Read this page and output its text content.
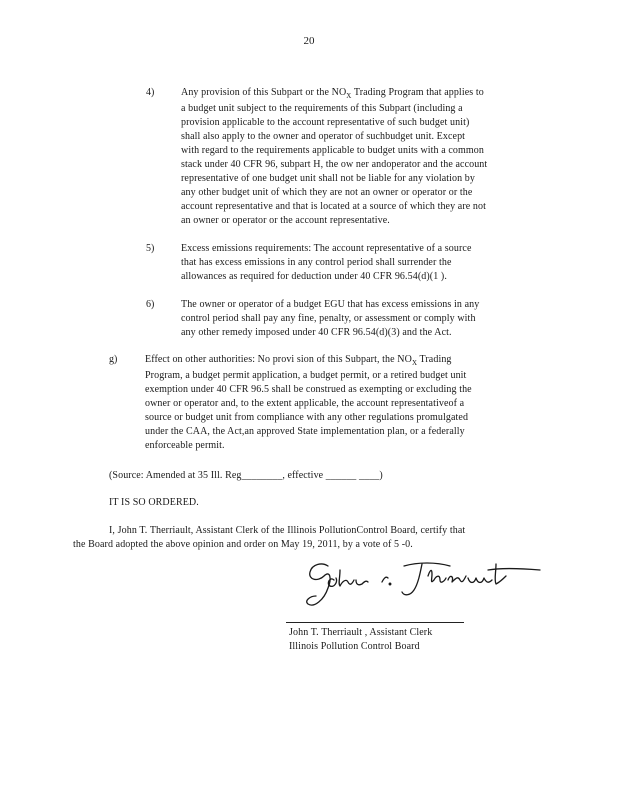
20
4)	Any provision of this Subpart or the $NO_X$ Trading Program that applies to
a budget unit subject to the requirements of this Subpart (including a
provision applicable to the account representative of such budget unit)
shall also apply to the owner and operator of suchbudget unit. Except
with regard to the requirements applicable to budget units with a common
stack under 40 CFR 96, subpart H, the ow ner andoperator and the account
representative of one budget unit shall not be liable for any violation by
any other budget unit of which they are not an owner or operator or the
account representative and that is located at a source of which they are not
an owner or operator or the account representative.
5)	Excess emissions requirements: The account representative of a source
that has excess emissions in any control period shall surrender the
allowances as required for deduction under 40 CFR 96.54(d)(1 ).
6)	The owner or operator of a budget EGU that has excess emissions in any
control period shall pay any fine, penalty, or assessment or comply with
any other remedy imposed under 40 CFR 96.54(d)(3) and the Act.
g)	Effect on other authorities: No provi sion of this Subpart, the $NO_X$ Trading
Program, a budget permit application, a budget permit, or a retired budget unit
exemption under 40 CFR 96.5 shall be construed as exempting or excluding the
owner or operator and, to the extent applicable, the account representativeof a
source or budget unit from compliance with any other regulations promulgated
under the CAA, the Act,an approved State implementation plan, or a federally
enforceable permit.
(Source: Amended at 35 Ill. Reg________, effective ______ ____)
IT IS SO ORDERED.
I, John T. Therriault, Assistant Clerk of the Illinois PollutionControl Board, certify that
the Board adopted the above opinion and order on May 19, 2011, by a vote of 5 -0.
John T. Therriault , Assistant Clerk
Illinois Pollution Control Board
